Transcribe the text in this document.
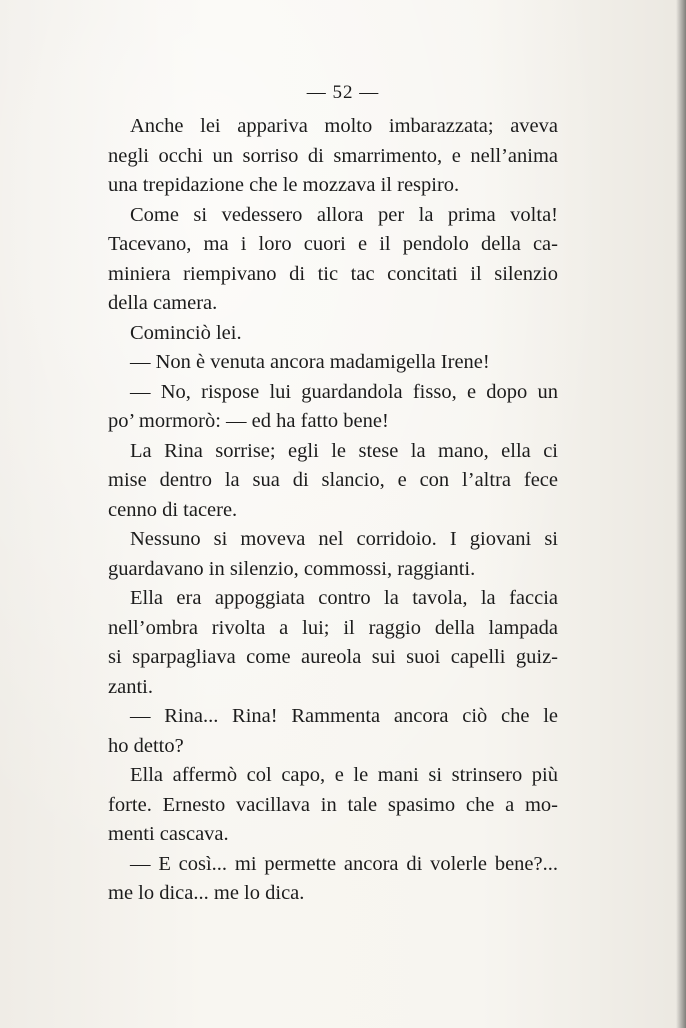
— 52 —
Anche lei appariva molto imbarazzata; aveva
negli occhi un sorriso di smarrimento, e nell’anima
una trepidazione che le mozzava il respiro.
Come si vedessero allora per la prima volta!
Tacevano, ma i loro cuori e il pendolo della ca-
miniera riempivano di tic tac concitati il silenzio
della camera.
Cominciò lei.
— Non è venuta ancora madamigella Irene!
— No, rispose lui guardandola fisso, e dopo un
po’ mormorò: — ed ha fatto bene!
La Rina sorrise; egli le stese la mano, ella ci
mise dentro la sua di slancio, e con l’altra fece
cenno di tacere.
Nessuno si moveva nel corridoio. I giovani si
guardavano in silenzio, commossi, raggianti.
Ella era appoggiata contro la tavola, la faccia
nell’ombra rivolta a lui; il raggio della lampada
si sparpagliava come aureola sui suoi capelli guiz-
zanti.
— Rina... Rina! Rammenta ancora ciò che le
ho detto?
Ella affermò col capo, e le mani si strinsero più
forte. Ernesto vacillava in tale spasimo che a mo-
menti cascava.
— E così... mi permette ancora di volerle bene?...
me lo dica... me lo dica.
